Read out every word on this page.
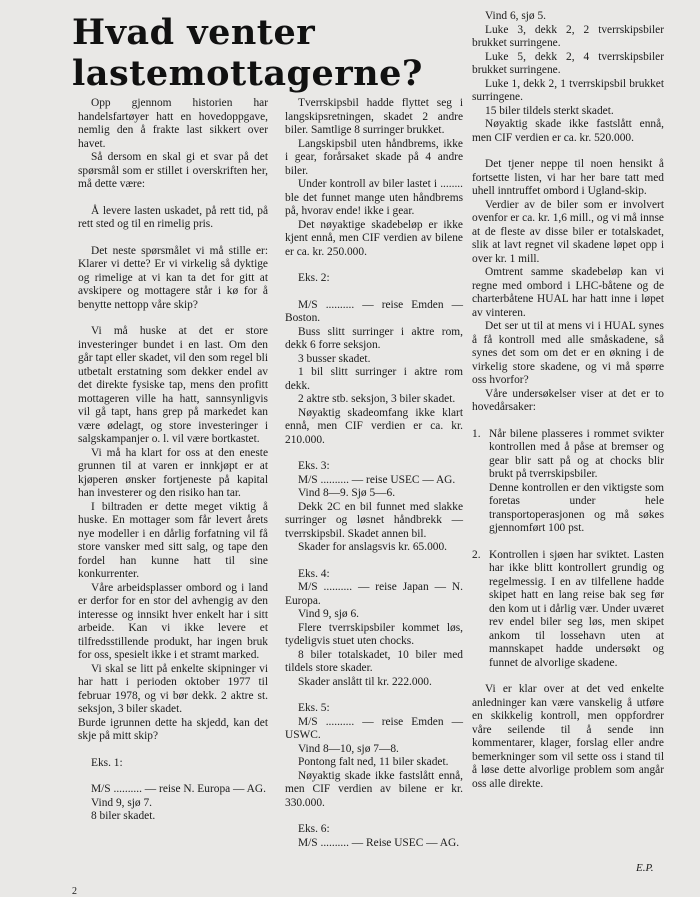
Hvad venter
lastemottagerne?

Opp gjennom historien har handelsfartøyer hatt en hovedoppgave, nemlig den å frakte last sikkert over havet.

Så dersom en skal gi et svar på det spørsmål som er stillet i overskriften her, må dette være:

Å levere lasten uskadet, på rett tid, på rett sted og til en rimelig pris.

Det neste spørsmålet vi må stille er: Klarer vi dette? Er vi virkelig så dyktige og rimelige at vi kan ta det for gitt at avskipere og mottagere står i kø for å benytte nettopp våre skip?

Vi må huske at det er store investeringer bundet i en last. Om den går tapt eller skadet, vil den som regel bli utbetalt erstatning som dekker endel av det direkte fysiske tap, mens den profitt mottageren ville ha hatt, sannsynligvis vil gå tapt, hans grep på markedet kan være ødelagt, og store investeringer i salgskampanjer o. l. vil være bortkastet.

Vi må ha klart for oss at den eneste grunnen til at varen er innkjøpt er at kjøperen ønsker fortjeneste på kapital han investerer og den risiko han tar.

I biltraden er dette meget viktig å huske. En mottager som får levert årets nye modeller i en dårlig forfatning vil få store vansker med sitt salg, og tape den fordel han kunne hatt til sine konkurrenter.

Våre arbeidsplasser ombord og i land er derfor for en stor del avhengig av den interesse og innsikt hver enkelt har i sitt arbeide. Kan vi ikke levere et tilfredsstillende produkt, har ingen bruk for oss, spesielt ikke i et stramt marked.

Vi skal se litt på enkelte skipninger vi har hatt i perioden oktober 1977 til februar 1978, og vi bør dekk. 2 aktre st. seksjon, 3 biler skadet.

Burde igrunnen dette ha skjedd, kan det skje på mitt skip?

Eks. 1:

M/S .......... — reise N. Europa — AG.

Vind 9, sjø 7.

8 biler skadet.

Tverrskipsbil hadde flyttet seg i langskipsretningen, skadet 2 andre biler. Samtlige 8 surringer brukket.

Langskipsbil uten håndbrems, ikke i gear, forårsaket skade på 4 andre biler.

Under kontroll av biler lastet i ........ ble det funnet mange uten håndbrems på, hvorav ende! ikke i gear.

Det nøyaktige skadebeløp er ikke kjent ennå, men CIF verdien av bilene er ca. kr. 250.000.

Eks. 2:

M/S .......... — reise Emden — Boston.

Buss slitt surringer i aktre rom, dekk 6 forre seksjon.

3 busser skadet.

1 bil slitt surringer i aktre rom dekk.

2 aktre stb. seksjon, 3 biler skadet.

Nøyaktig skadeomfang ikke klart ennå, men CIF verdien er ca. kr. 210.000.

Eks. 3:

M/S .......... — reise USEC — AG.

Vind 8—9. Sjø 5—6.

Dekk 2C en bil funnet med slakke surringer og løsnet håndbrekk — tverrskipsbil. Skadet annen bil.

Skader for anslagsvis kr. 65.000.

Eks. 4:

M/S .......... — reise Japan — N. Europa.

Vind 9, sjø 6.

Flere tverrskipsbiler kommet løs, tydeligvis stuet uten chocks.

8 biler totalskadet, 10 biler med tildels store skader.

Skader anslått til kr. 222.000.

Eks. 5:

M/S .......... — reise Emden — USWC.

Vind 8—10, sjø 7—8.

Pontong falt ned, 11 biler skadet.

Nøyaktig skade ikke fastslått ennå, men CIF verdien av bilene er kr. 330.000.

Eks. 6:

M/S .......... — Reise USEC — AG.

Vind 6, sjø 5.

Luke 3, dekk 2, 2 tverrskipsbiler brukket surringene.

Luke 5, dekk 2, 4 tverrskipsbiler brukket surringene.

Luke 1, dekk 2, 1 tverrskipsbil brukket surringene.

15 biler tildels sterkt skadet.

Nøyaktig skade ikke fastslått ennå, men CIF verdien er ca. kr. 520.000.

Det tjener neppe til noen hensikt å fortsette listen, vi har her bare tatt med uhell inntruffet ombord i Ugland-skip.

Verdier av de biler som er involvert ovenfor er ca. kr. 1,6 mill., og vi må innse at de fleste av disse biler er totalskadet, slik at lavt regnet vil skadene løpet opp i over kr. 1 mill.

Omtrent samme skadebeløp kan vi regne med ombord i LHC-båtene og de charterbåtene HUAL har hatt inne i løpet av vinteren.

Det ser ut til at mens vi i HUAL synes å få kontroll med alle småskadene, så synes det som om det er en økning i de virkelig store skadene, og vi må spørre oss hvorfor?

Våre undersøkelser viser at det er to hovedårsaker:

1. Når bilene plasseres i rommet svikter kontrollen med å påse at bremser og gear blir satt på og at chocks blir brukt på tverrskipsbiler.

Denne kontrollen er den viktigste som foretas under hele transportoperasjonen og må søkes gjennomført 100 pst.

2. Kontrollen i sjøen har sviktet. Lasten har ikke blitt kontrollert grundig og regelmessig. I en av tilfellene hadde skipet hatt en lang reise bak seg før den kom ut i dårlig vær. Under uværet rev endel biler seg løs, men skipet ankom til lossehavn uten at mannskapet hadde undersøkt og funnet de alvorlige skadene.

Vi er klar over at det ved enkelte anledninger kan være vanskelig å utføre en skikkelig kontroll, men oppfordrer våre seilende til å sende inn kommentarer, klager, forslag eller andre bemerkninger som vil sette oss i stand til å løse dette alvorlige problem som angår oss alle direkte.

E.P.
2
